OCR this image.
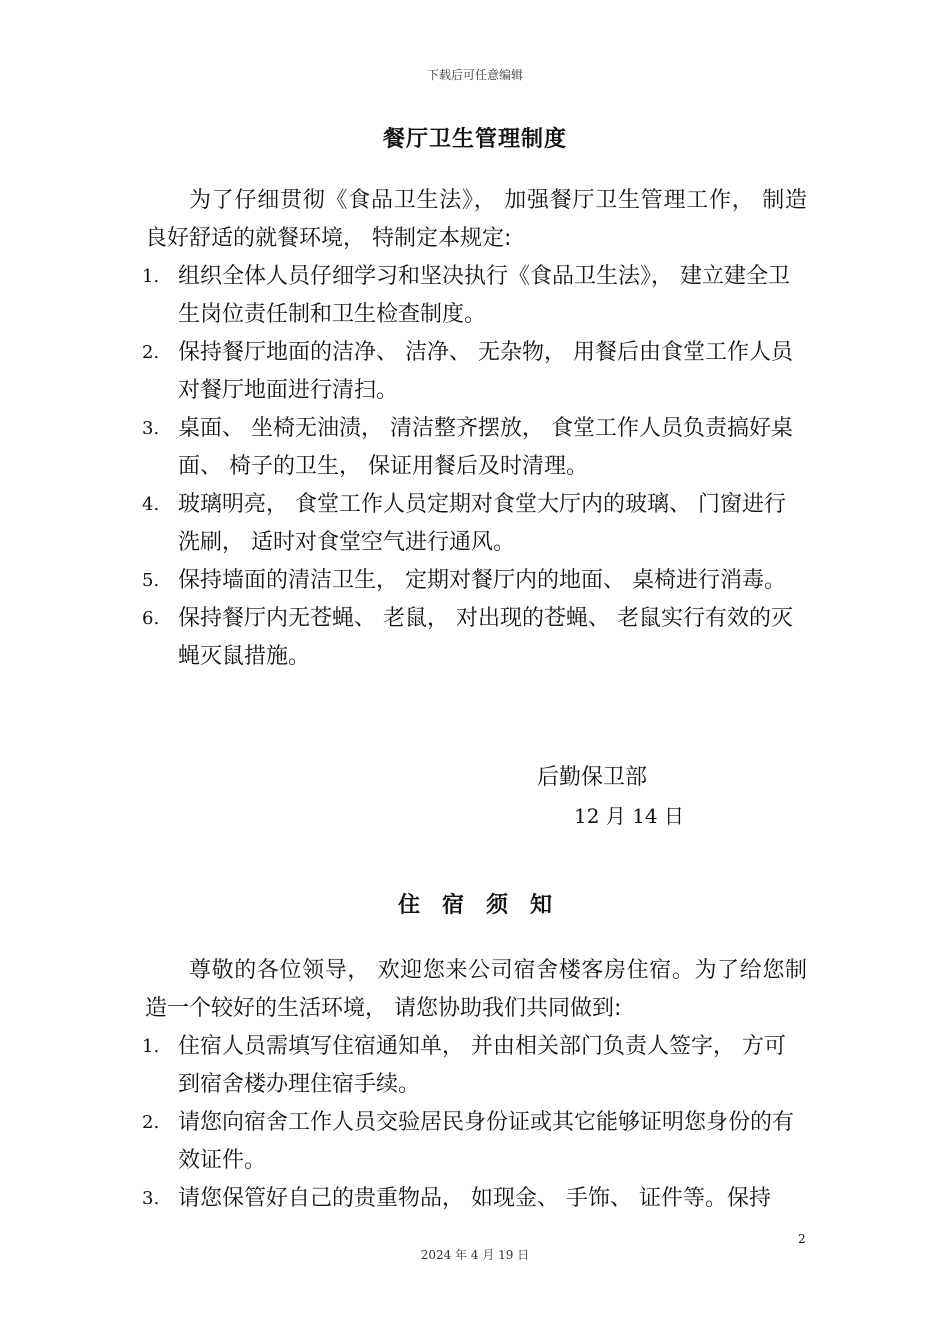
下载后可任意编辑
餐厅卫生管理制度

为了仔细贯彻《食品卫生法》， 加强餐厅卫生管理工作， 制造良好舒适的就餐环境， 特制定本规定:

1. 组织全体人员仔细学习和坚决执行《食品卫生法》， 建立建全卫生岗位责任制和卫生检查制度。
2. 保持餐厅地面的洁净、 洁净、 无杂物， 用餐后由食堂工作人员对餐厅地面进行清扫。
3. 桌面、 坐椅无油渍， 清洁整齐摆放， 食堂工作人员负责搞好桌面、 椅子的卫生， 保证用餐后及时清理。
4. 玻璃明亮， 食堂工作人员定期对食堂大厅内的玻璃、 门窗进行洗刷， 适时对食堂空气进行通风。
5. 保持墙面的清洁卫生， 定期对餐厅内的地面、 桌椅进行消毒。
6. 保持餐厅内无苍蝇、 老鼠， 对出现的苍蝇、 老鼠实行有效的灭蝇灭鼠措施。
后勤保卫部
12 月 14 日
住宿须知

尊敬的各位领导， 欢迎您来公司宿舍楼客房住宿。为了给您制造一个较好的生活环境， 请您协助我们共同做到:

1. 住宿人员需填写住宿通知单， 并由相关部门负责人签字， 方可到宿舍楼办理住宿手续。
2. 请您向宿舍工作人员交验居民身份证或其它能够证明您身份的有效证件。
3. 请您保管好自己的贵重物品， 如现金、 手饰、 证件等。保持
2
2024 年 4 月 19 日
